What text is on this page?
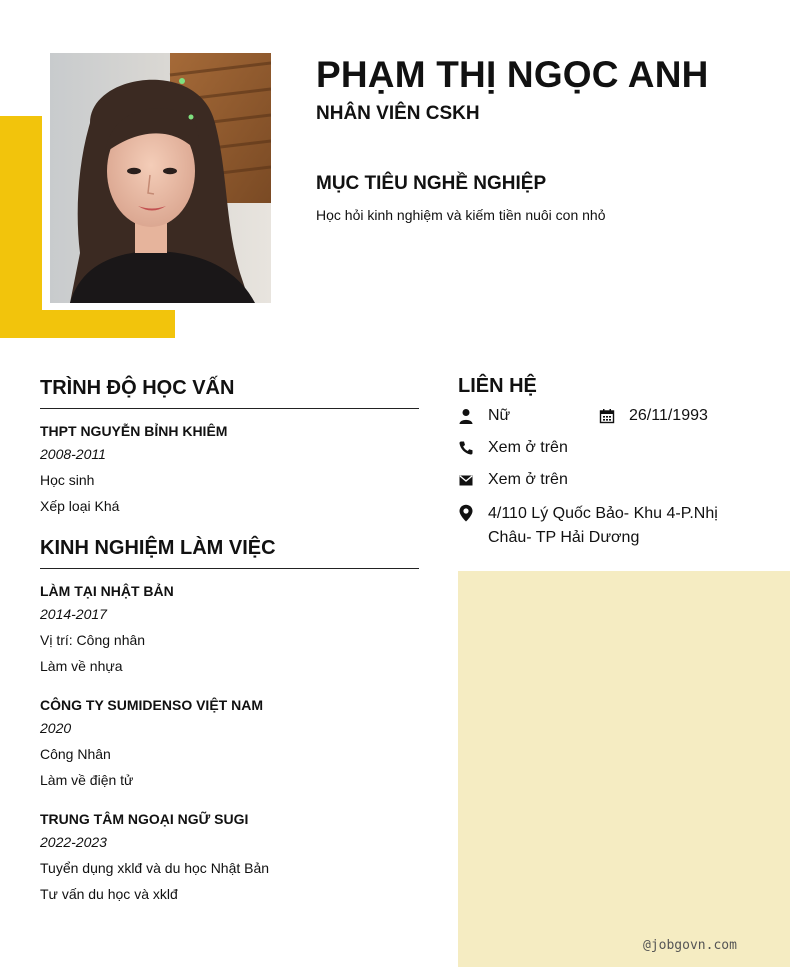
PHẠM THỊ NGỌC ANH
NHÂN VIÊN CSKH
MỤC TIÊU NGHỀ NGHIỆP
Học hỏi kinh nghiệm và kiếm tiền nuôi con nhỏ
TRÌNH ĐỘ HỌC VẤN
THPT NGUYỄN BỈNH KHIÊM
2008-2011
Học sinh
Xếp loại Khá
KINH NGHIỆM LÀM VIỆC
LÀM TẠI NHẬT BẢN
2014-2017
Vị trí: Công nhân
Làm về nhựa
CÔNG TY SUMIDENSO VIỆT NAM
2020
Công Nhân
Làm về điện tử
TRUNG TÂM NGOẠI NGỮ SUGI
2022-2023
Tuyển dụng xklđ và du học Nhật Bản
Tư vấn du học và xklđ
LIÊN HỆ
Nữ	26/11/1993
Xem ở trên
Xem ở trên
4/110 Lý Quốc Bảo- Khu 4-P.Nhị Châu- TP Hải Dương
@jobgovn.com
